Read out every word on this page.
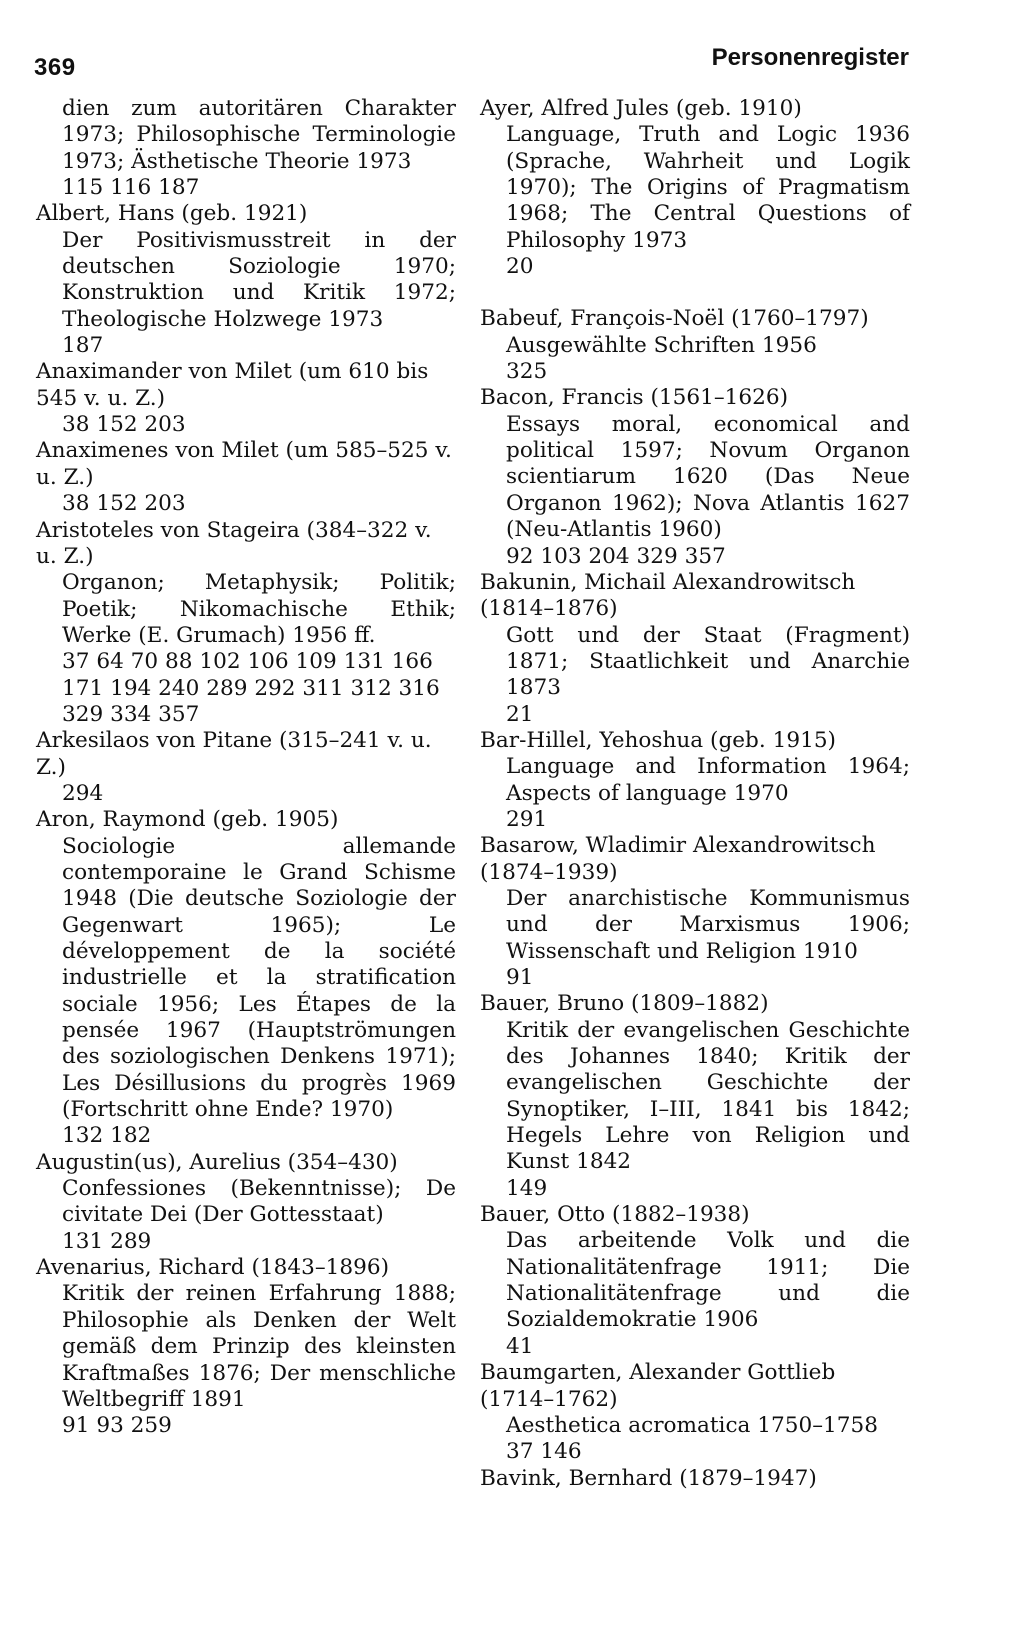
369	Personenregister
dien zum autoritären Charakter 1973; Philosophische Terminologie 1973; Ästhetische Theorie 1973
115 116 187
Albert, Hans (geb. 1921)
Der Positivismusstreit in der deutschen Soziologie 1970; Konstruktion und Kritik 1972; Theologische Holzwege 1973
187
Anaximander von Milet (um 610 bis 545 v. u. Z.)
38 152 203
Anaximenes von Milet (um 585–525 v. u. Z.)
38 152 203
Aristoteles von Stageira (384–322 v. u. Z.)
Organon; Metaphysik; Politik; Poetik; Nikomachische Ethik; Werke (E. Grumach) 1956 ff.
37 64 70 88 102 106 109 131 166 171 194 240 289 292 311 312 316 329 334 357
Arkesilaos von Pitane (315–241 v. u. Z.)
294
Aron, Raymond (geb. 1905)
Sociologie allemande contemporaine le Grand Schisme 1948 (Die deutsche Soziologie der Gegenwart 1965); Le développement de la société industrielle et la stratification sociale 1956; Les Étapes de la pensée 1967 (Hauptströmungen des soziologischen Denkens 1971); Les Désillusions du progrès 1969 (Fortschritt ohne Ende? 1970)
132 182
Augustin(us), Aurelius (354–430)
Confessiones (Bekenntnisse); De civitate Dei (Der Gottesstaat)
131 289
Avenarius, Richard (1843–1896)
Kritik der reinen Erfahrung 1888; Philosophie als Denken der Welt gemäß dem Prinzip des kleinsten Kraftmaßes 1876; Der menschliche Weltbegriff 1891
91 93 259
Ayer, Alfred Jules (geb. 1910)
Language, Truth and Logic 1936 (Sprache, Wahrheit und Logik 1970); The Origins of Pragmatism 1968; The Central Questions of Philosophy 1973
20
Babeuf, François-Noël (1760–1797)
Ausgewählte Schriften 1956
325
Bacon, Francis (1561–1626)
Essays moral, economical and political 1597; Novum Organon scientiarum 1620 (Das Neue Organon 1962); Nova Atlantis 1627 (Neu-Atlantis 1960)
92 103 204 329 357
Bakunin, Michail Alexandrowitsch (1814–1876)
Gott und der Staat (Fragment) 1871; Staatlichkeit und Anarchie 1873
21
Bar-Hillel, Yehoshua (geb. 1915)
Language and Information 1964; Aspects of language 1970
291
Basarow, Wladimir Alexandrowitsch (1874–1939)
Der anarchistische Kommunismus und der Marxismus 1906; Wissenschaft und Religion 1910
91
Bauer, Bruno (1809–1882)
Kritik der evangelischen Geschichte des Johannes 1840; Kritik der evangelischen Geschichte der Synoptiker, I–III, 1841 bis 1842; Hegels Lehre von Religion und Kunst 1842
149
Bauer, Otto (1882–1938)
Das arbeitende Volk und die Nationalitätenfrage 1911; Die Nationalitätenfrage und die Sozialdemokratie 1906
41
Baumgarten, Alexander Gottlieb (1714–1762)
Aesthetica acromatica 1750–1758
37 146
Bavink, Bernhard (1879–1947)
